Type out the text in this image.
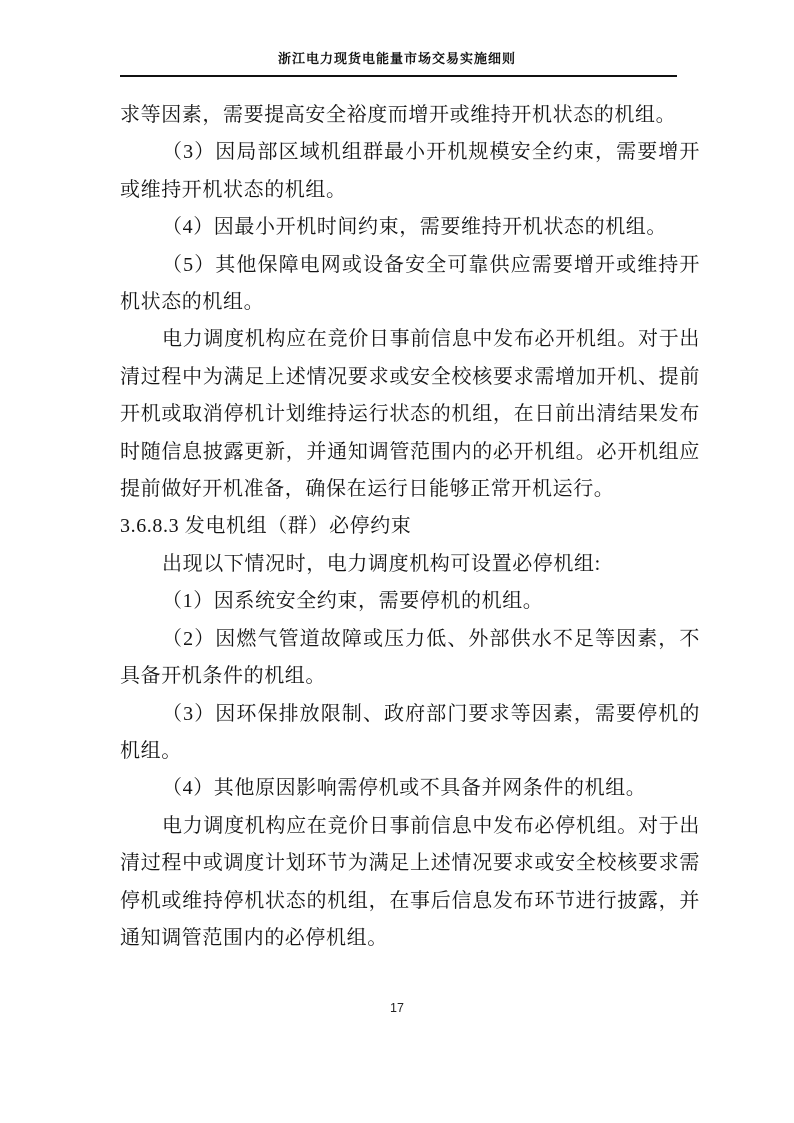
浙江电力现货电能量市场交易实施细则

求等因素，需要提高安全裕度而增开或维持开机状态的机组。

（3）因局部区域机组群最小开机规模安全约束，需要增开或维持开机状态的机组。

（4）因最小开机时间约束，需要维持开机状态的机组。

（5）其他保障电网或设备安全可靠供应需要增开或维持开机状态的机组。

电力调度机构应在竞价日事前信息中发布必开机组。对于出清过程中为满足上述情况要求或安全校核要求需增加开机、提前开机或取消停机计划维持运行状态的机组，在日前出清结果发布时随信息披露更新，并通知调管范围内的必开机组。必开机组应提前做好开机准备，确保在运行日能够正常开机运行。

3.6.8.3 发电机组（群）必停约束

出现以下情况时，电力调度机构可设置必停机组:

（1）因系统安全约束，需要停机的机组。

（2）因燃气管道故障或压力低、外部供水不足等因素，不具备开机条件的机组。

（3）因环保排放限制、政府部门要求等因素，需要停机的机组。

（4）其他原因影响需停机或不具备并网条件的机组。

电力调度机构应在竞价日事前信息中发布必停机组。对于出清过程中或调度计划环节为满足上述情况要求或安全校核要求需停机或维持停机状态的机组，在事后信息发布环节进行披露，并通知调管范围内的必停机组。

17
